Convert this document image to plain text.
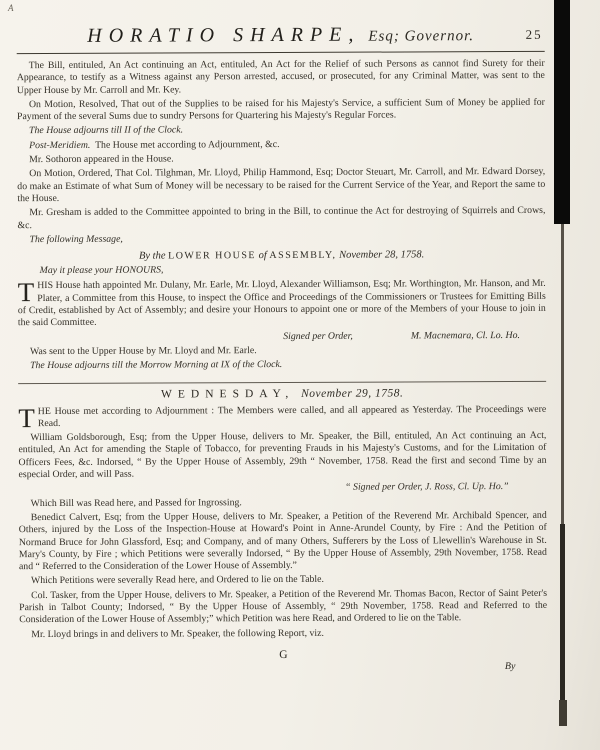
A
HORATIO SHARPE, Esq; Governor.	25

The Bill, entituled, An Act continuing an Act, entituled, An Act for the Relief of such Persons as cannot find Surety for their Appearance, to testify as a Witness against any Person arrested, accused, or prosecuted, for any Criminal Matter, was sent to the Upper House by Mr. Carroll and Mr. Key.

On Motion, Resolved, That out of the Supplies to be raised for his Majesty's Service, a sufficient Sum of Money be applied for Payment of the several Sums due to sundry Persons for Quartering his Majesty's Regular Forces.

The House adjourns till II of the Clock.

Post-Meridiem. The House met according to Adjournment, &c.

Mr. Sothoron appeared in the House.

On Motion, Ordered, That Col. Tilghman, Mr. Lloyd, Philip Hammond, Esq; Doctor Steuart, Mr. Carroll, and Mr. Edward Dorsey, do make an Estimate of what Sum of Money will be necessary to be raised for the Current Service of the Year, and Report the same to the House.

Mr. Gresham is added to the Committee appointed to bring in the Bill, to continue the Act for destroying of Squirrels and Crows, &c.

The following Message,

By the LOWER HOUSE of ASSEMBLY, November 28, 1758.

May it please your HONOURS,

THIS House hath appointed Mr. Dulany, Mr. Earle, Mr. Lloyd, Alexander Williamson, Esq; Mr. Worthington, Mr. Hanson, and Mr. Plater, a Committee from this House, to inspect the Office and Proceedings of the Commissioners or Trustees for Emitting Bills of Credit, established by Act of Assembly; and desire your Honours to appoint one or more of the Members of your House to join in the said Committee.

Signed per Order,	M. Macnemara, Cl. Lo. Ho.

Was sent to the Upper House by Mr. Lloyd and Mr. Earle.

The House adjourns till the Morrow Morning at IX of the Clock.

WEDNESDAY, November 29, 1758.

THE House met according to Adjournment : The Members were called, and all appeared as Yesterday. The Proceedings were Read.

William Goldsborough, Esq; from the Upper House, delivers to Mr. Speaker, the Bill, entituled, An Act continuing an Act, entituled, An Act for amending the Staple of Tobacco, for preventing Frauds in his Majesty's Customs, and for the Limitation of Officers Fees, &c. Indorsed, “ By the Upper House of Assembly, 29th “ November, 1758. Read the first and second Time by an especial Order, and will Pass.

“ Signed per Order, J. Ross, Cl. Up. Ho.”

Which Bill was Read here, and Passed for Ingrossing.

Benedict Calvert, Esq; from the Upper House, delivers to Mr. Speaker, a Petition of the Reverend Mr. Archibald Spencer, and Others, injured by the Loss of the Inspection-House at Howard's Point in Anne-Arundel County, by Fire : And the Petition of Normand Bruce for John Glassford, Esq; and Company, and of many Others, Sufferers by the Loss of Llewellin's Warehouse in St. Mary's County, by Fire ; which Petitions were severally Indorsed, “ By the Upper House of Assembly, 29th November, 1758. Read and “ Referred to the Consideration of the Lower House of Assembly.”

Which Petitions were severally Read here, and Ordered to lie on the Table.

Col. Tasker, from the Upper House, delivers to Mr. Speaker, a Petition of the Reverend Mr. Thomas Bacon, Rector of Saint Peter's Parish in Talbot County; Indorsed, “ By the Upper House of Assembly, “ 29th November, 1758. Read and Referred to the Consideration of the Lower House of Assembly;” which Petition was here Read, and Ordered to lie on the Table.

Mr. Lloyd brings in and delivers to Mr. Speaker, the following Report, viz.

G
By
